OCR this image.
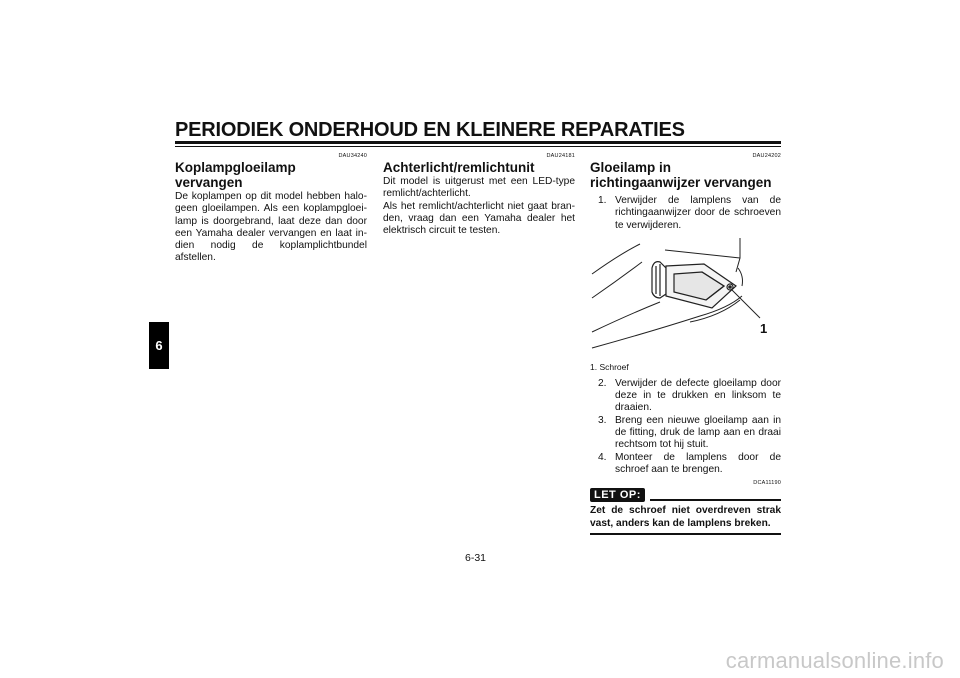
PERIODIEK ONDERHOUD EN KLEINERE REPARATIES
6
DAU34240
Koplampgloeilamp vervangen

De koplampen op dit model hebben halogeen gloeilampen. Als een koplampgloeilamp is doorgebrand, laat deze dan door een Yamaha dealer vervangen en laat indien nodig de koplamplichtbundel afstellen.

DAU24181
Achterlicht/remlichtunit

Dit model is uitgerust met een LED-type remlicht/achterlicht.

Als het remlicht/achterlicht niet gaat branden, vraag dan een Yamaha dealer het elektrisch circuit te testen.

DAU24202
Gloeilamp in richtingaanwijzer vervangen
1. Verwijder de lamplens van de richtingaanwijzer door de schroeven te verwijderen.
1
1. Schroef
2. Verwijder de defecte gloeilamp door deze in te drukken en linksom te draaien.
3. Breng een nieuwe gloeilamp aan in de fitting, druk de lamp aan en draai rechtsom tot hij stuit.
4. Monteer de lamplens door de schroef aan te brengen.
DCA11190
LET OP:
Zet de schroef niet overdreven strak vast, anders kan de lamplens breken.
6-31
carmanualsonline.info
